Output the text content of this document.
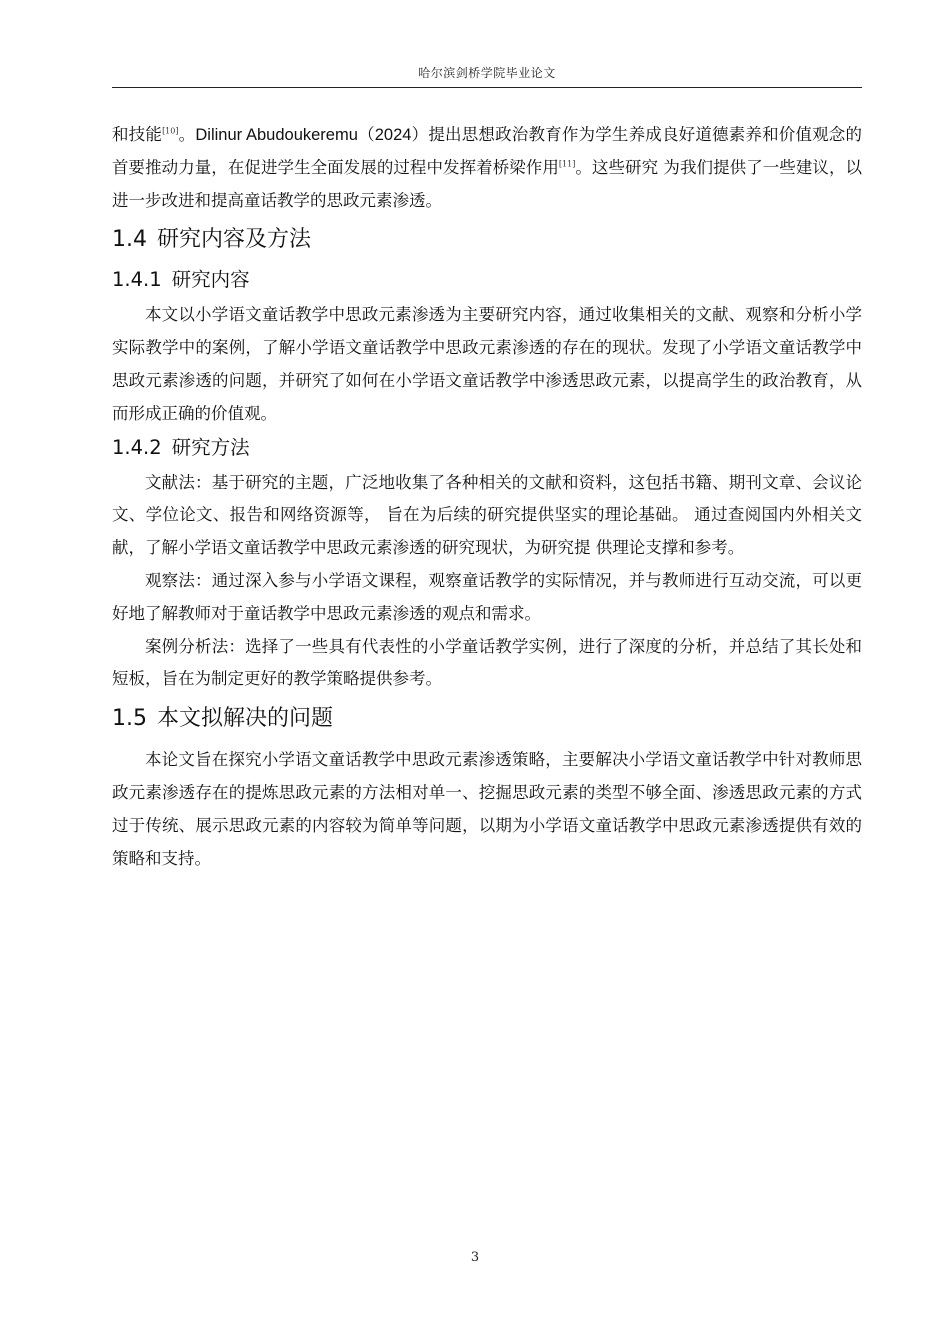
哈尔滨剑桥学院毕业论文

和技能[10]。Dilinur Abudoukeremu（2024）提出思想政治教育作为学生养成良好道德素养和价值观念的首要推动力量，在促进学生全面发展的过程中发挥着桥梁作用[11]。这些研究 为我们提供了一些建议，以进一步改进和提高童话教学的思政元素渗透。

1.4 研究内容及方法
1.4.1 研究内容

本文以小学语文童话教学中思政元素渗透为主要研究内容，通过收集相关的文献、观察和分析小学实际教学中的案例，了解小学语文童话教学中思政元素渗透的存在的现状。发现了小学语文童话教学中思政元素渗透的问题，并研究了如何在小学语文童话教学中渗透思政元素，以提高学生的政治教育，从而形成正确的价值观。

1.4.2 研究方法

文献法：基于研究的主题，广泛地收集了各种相关的文献和资料，这包括书籍、期刊文章、会议论文、学位论文、报告和网络资源等， 旨在为后续的研究提供坚实的理论基础。 通过查阅国内外相关文献，了解小学语文童话教学中思政元素渗透的研究现状，为研究提 供理论支撑和参考。

观察法：通过深入参与小学语文课程，观察童话教学的实际情况，并与教师进行互动交流，可以更好地了解教师对于童话教学中思政元素渗透的观点和需求。

案例分析法：选择了一些具有代表性的小学童话教学实例，进行了深度的分析，并总结了其长处和短板，旨在为制定更好的教学策略提供参考。

1.5 本文拟解决的问题

本论文旨在探究小学语文童话教学中思政元素渗透策略，主要解决小学语文童话教学中针对教师思政元素渗透存在的提炼思政元素的方法相对单一、挖掘思政元素的类型不够全面、渗透思政元素的方式过于传统、展示思政元素的内容较为简单等问题，以期为小学语文童话教学中思政元素渗透提供有效的策略和支持。

3
